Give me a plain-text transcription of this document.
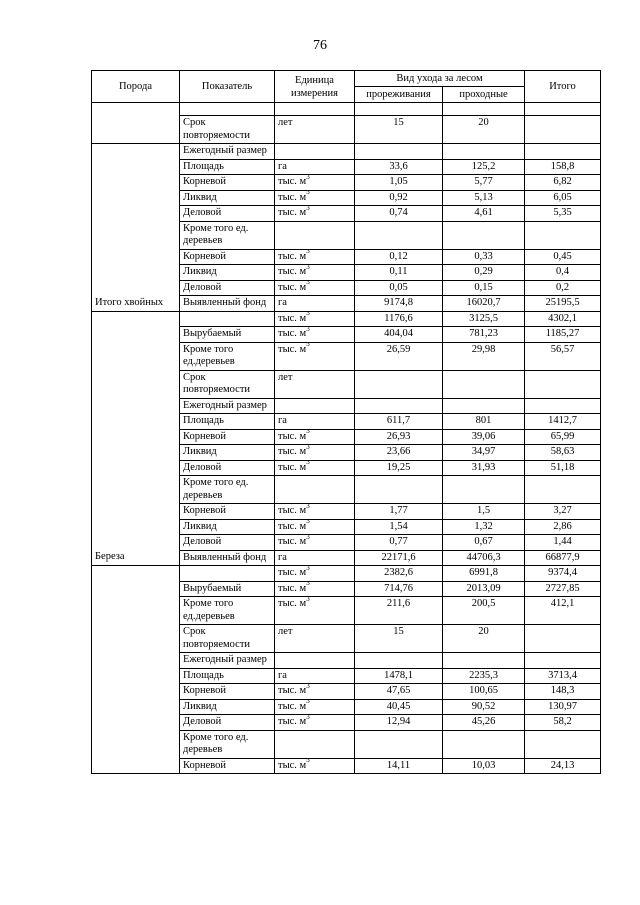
76
Порода	Показатель	Единица измерения	Вид ухода за лесом		Итого
			прореживания	проходные	

	Срок повторяемости	лет	15	20	
	Ежегодный размер				
	Площадь	га	33,6	125,2	158,8
	Корневой	тыс. $м^3$	1,05	5,77	6,82
	Ликвид	тыс. $м^3$	0,92	5,13	6,05
	Деловой	тыс. $м^3$	0,74	4,61	5,35
	Кроме того ед. деревьев				
	Корневой	тыс. $м^3$	0,12	0,33	0,45
	Ликвид	тыс. $м^3$	0,11	0,29	0,4
	Деловой	тыс. $м^3$	0,05	0,15	0,2
Итого хвойных	Выявленный фонд	га	9174,8	16020,7	25195,5
		тыс. $м^3$	1176,6	3125,5	4302,1
	Вырубаемый	тыс. $м^3$	404,04	781,23	1185,27
	Кроме того ед.деревьев	тыс. $м^3$	26,59	29,98	56,57
	Срок повторяемости	лет			
	Ежегодный размер				
	Площадь	га	611,7	801	1412,7
	Корневой	тыс. $м^3$	26,93	39,06	65,99
	Ликвид	тыс. $м^3$	23,66	34,97	58,63
	Деловой	тыс. $м^3$	19,25	31,93	51,18
	Кроме того ед. деревьев				
	Корневой	тыс. $м^3$	1,77	1,5	3,27
	Ликвид	тыс. $м^3$	1,54	1,32	2,86
	Деловой	тыс. $м^3$	0,77	0,67	1,44
Береза	Выявленный фонд	га	22171,6	44706,3	66877,9
		тыс. $м^3$	2382,6	6991,8	9374,4
	Вырубаемый	тыс. $м^3$	714,76	2013,09	2727,85
	Кроме того ед.деревьев	тыс. $м^3$	211,6	200,5	412,1
	Срок повторяемости	лет	15	20	
	Ежегодный размер				
	Площадь	га	1478,1	2235,3	3713,4
	Корневой	тыс. $м^3$	47,65	100,65	148,3
	Ликвид	тыс. $м^3$	40,45	90,52	130,97
	Деловой	тыс. $м^3$	12,94	45,26	58,2
	Кроме того ед. деревьев				
	Корневой	тыс. $м^3$	14,11	10,03	24,13
